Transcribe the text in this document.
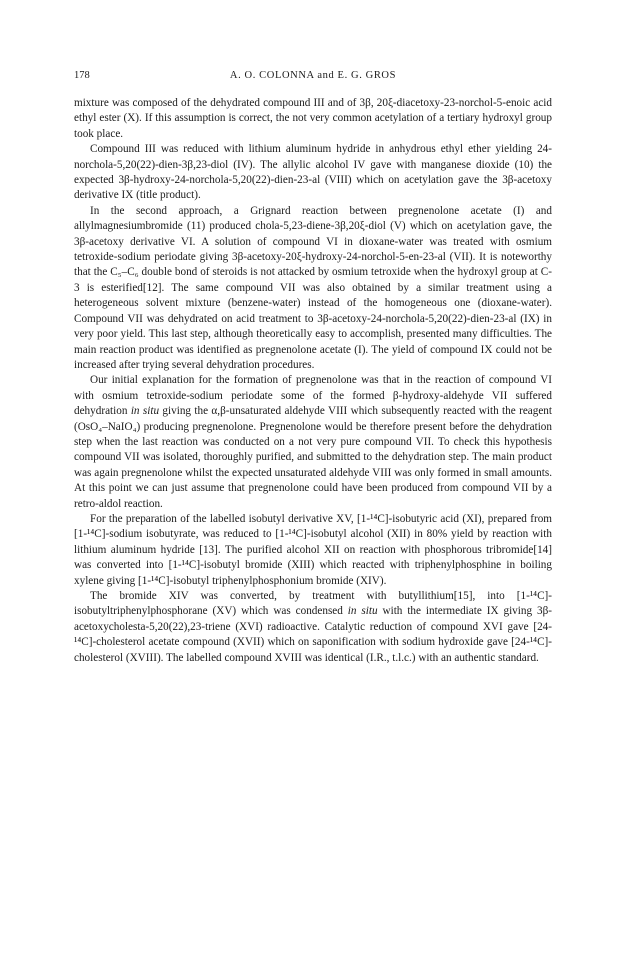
178	A. O. COLONNA and E. G. GROS

mixture was composed of the dehydrated compound III and of 3β, 20ξ-diacetoxy-23-norchol-5-enoic acid ethyl ester (X). If this assumption is correct, the not very common acetylation of a tertiary hydroxyl group took place.

Compound III was reduced with lithium aluminum hydride in anhydrous ethyl ether yielding 24-norchola-5,20(22)-dien-3β,23-diol (IV). The allylic alcohol IV gave with manganese dioxide (10) the expected 3β-hydroxy-24-norchola-5,20(22)-dien-23-al (VIII) which on acetylation gave the 3β-acetoxy derivative IX (title product).

In the second approach, a Grignard reaction between pregnenolone acetate (I) and allylmagnesiumbromide (11) produced chola-5,23-diene-3β,20ξ-diol (V) which on acetylation gave, the 3β-acetoxy derivative VI. A solution of compound VI in dioxane-water was treated with osmium tetroxide-sodium periodate giving 3β-acetoxy-20ξ-hydroxy-24-norchol-5-en-23-al (VII). It is noteworthy that the C₅–C₆ double bond of steroids is not attacked by osmium tetroxide when the hydroxyl group at C-3 is esterified[12]. The same compound VII was also obtained by a similar treatment using a heterogeneous solvent mixture (benzene-water) instead of the homogeneous one (dioxane-water). Compound VII was dehydrated on acid treatment to 3β-acetoxy-24-norchola-5,20(22)-dien-23-al (IX) in very poor yield. This last step, although theoretically easy to accomplish, presented many difficulties. The main reaction product was identified as pregnenolone acetate (I). The yield of compound IX could not be increased after trying several dehydration procedures.

Our initial explanation for the formation of pregnenolone was that in the reaction of compound VI with osmium tetroxide-sodium periodate some of the formed β-hydroxy-aldehyde VII suffered dehydration in situ giving the α,β-unsaturated aldehyde VIII which subsequently reacted with the reagent (OsO₄–NaIO₄) producing pregnenolone. Pregnenolone would be therefore present before the dehydration step when the last reaction was conducted on a not very pure compound VII. To check this hypothesis compound VII was isolated, thoroughly purified, and submitted to the dehydration step. The main product was again pregnenolone whilst the expected unsaturated aldehyde VIII was only formed in small amounts. At this point we can just assume that pregnenolone could have been produced from compound VII by a retro-aldol reaction.

For the preparation of the labelled isobutyl derivative XV, [1-¹⁴C]-isobutyric acid (XI), prepared from [1-¹⁴C]-sodium isobutyrate, was reduced to [1-¹⁴C]-isobutyl alcohol (XII) in 80% yield by reaction with lithium aluminum hydride [13]. The purified alcohol XII on reaction with phosphorous tribromide[14] was converted into [1-¹⁴C]-isobutyl bromide (XIII) which reacted with triphenylphosphine in boiling xylene giving [1-¹⁴C]-isobutyl triphenylphosphonium bromide (XIV).

The bromide XIV was converted, by treatment with butyllithium[15], into [1-¹⁴C]-isobutyltriphenylphosphorane (XV) which was condensed in situ with the intermediate IX giving 3β-acetoxycholesta-5,20(22),23-triene (XVI) radioactive. Catalytic reduction of compound XVI gave [24-¹⁴C]-cholesterol acetate compound (XVII) which on saponification with sodium hydroxide gave [24-¹⁴C]-cholesterol (XVIII). The labelled compound XVIII was identical (I.R., t.l.c.) with an authentic standard.
